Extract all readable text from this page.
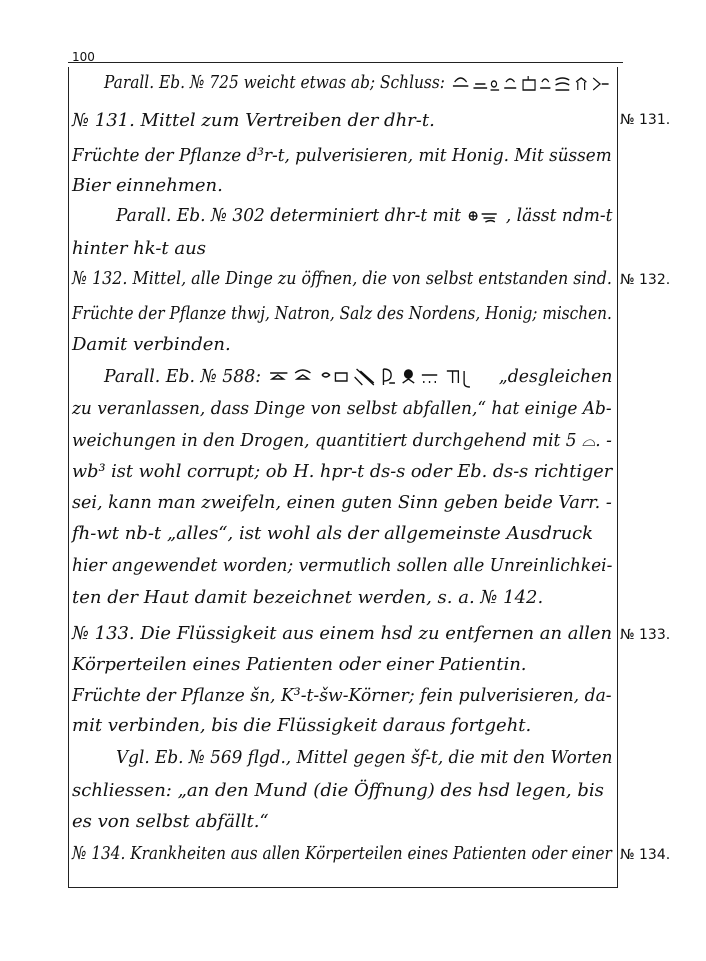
100
Parall. Eb. № 725 weicht etwas ab; Schluss:
№ 131. Mittel zum Vertreiben der dhr-t.	№ 131.
Früchte der Pflanze d³r-t, pulverisieren, mit Honig. Mit süssem
Bier einnehmen.
Parall. Eb. № 302 determiniert dhr-t mit , lässt ndm-t
hinter hk-t aus
№ 132. Mittel, alle Dinge zu öffnen, die von selbst entstanden sind. № 132.
Früchte der Pflanze thwj, Natron, Salz des Nordens, Honig; mischen.
Damit verbinden.
Parall. Eb. № 588:	„desgleichen
zu veranlassen, dass Dinge von selbst abfallen,“ hat einige Ab-
weichungen in den Drogen, quantitiert durchgehend mit 5 ⌓. -
wb³ ist wohl corrupt; ob H. hpr-t ds-s oder Eb. ds-s richtiger
sei, kann man zweifeln, einen guten Sinn geben beide Varr. -
fh-wt nb-t „alles“, ist wohl als der allgemeinste Ausdruck
hier angewendet worden; vermutlich sollen alle Unreinlichkei-
ten der Haut damit bezeichnet werden, s. a. № 142.
№ 133. Die Flüssigkeit aus einem hsd zu entfernen an allen № 133.
Körperteilen eines Patienten oder einer Patientin.
Früchte der Pflanze šn, K³-t-šw-Körner; fein pulverisieren, da-
mit verbinden, bis die Flüssigkeit daraus fortgeht.
Vgl. Eb. № 569 flgd., Mittel gegen šf-t, die mit den Worten
schliessen: „an den Mund (die Öffnung) des hsd legen, bis
es von selbst abfällt.“
№ 134. Krankheiten aus allen Körperteilen eines Patienten oder einer № 134.
